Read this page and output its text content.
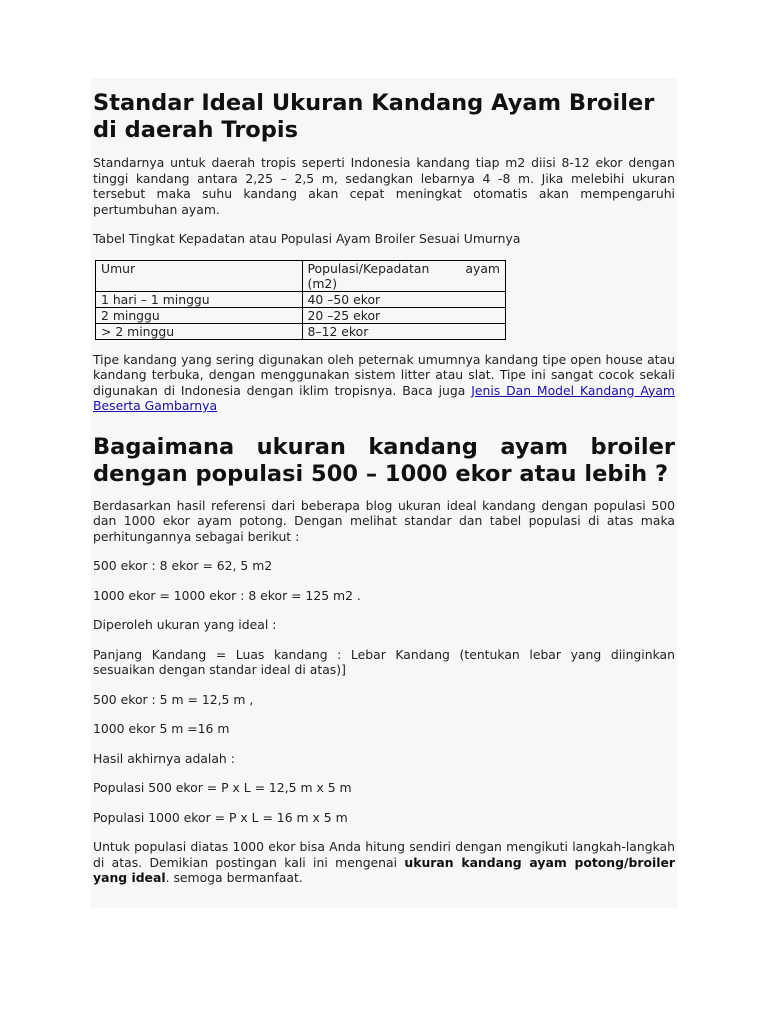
Standar Ideal Ukuran Kandang Ayam Broiler di daerah Tropis

Standarnya untuk daerah tropis seperti Indonesia kandang tiap m2 diisi 8-12 ekor dengan tinggi kandang antara 2,25 – 2,5 m, sedangkan lebarnya 4 -8 m. Jika melebihi ukuran tersebut maka suhu kandang akan cepat meningkat otomatis akan mempengaruhi pertumbuhan ayam.

Tabel Tingkat Kepadatan atau Populasi Ayam Broiler Sesuai Umurnya

Umur	Populasi/Kepadatan ayam (m2)
1 hari – 1 minggu	40 –50 ekor
2 minggu	20 –25 ekor
> 2 minggu	8–12 ekor

Tipe kandang yang sering digunakan oleh peternak umumnya kandang tipe open house atau kandang terbuka, dengan menggunakan sistem litter atau slat. Tipe ini sangat cocok sekali digunakan di Indonesia dengan iklim tropisnya. Baca juga Jenis Dan Model Kandang Ayam Beserta Gambarnya

Bagaimana ukuran kandang ayam broiler dengan populasi 500 – 1000 ekor atau lebih ?

Berdasarkan hasil referensi dari beberapa blog ukuran ideal kandang dengan populasi 500 dan 1000 ekor ayam potong. Dengan melihat standar dan tabel populasi di atas maka perhitungannya sebagai berikut :

500 ekor : 8 ekor = 62, 5 m2

1000 ekor = 1000 ekor : 8 ekor = 125 m2 .

Diperoleh ukuran yang ideal :

Panjang Kandang = Luas kandang : Lebar Kandang (tentukan lebar yang diinginkan sesuaikan dengan standar ideal di atas)]

500 ekor : 5 m = 12,5 m ,

1000 ekor 5 m =16 m

Hasil akhirnya adalah :

Populasi 500 ekor = P x L = 12,5 m x 5 m

Populasi 1000 ekor = P x L = 16 m x 5 m

Untuk populasi diatas 1000 ekor bisa Anda hitung sendiri dengan mengikuti langkah-langkah di atas. Demikian postingan kali ini mengenai ukuran kandang ayam potong/broiler yang ideal. semoga bermanfaat.
